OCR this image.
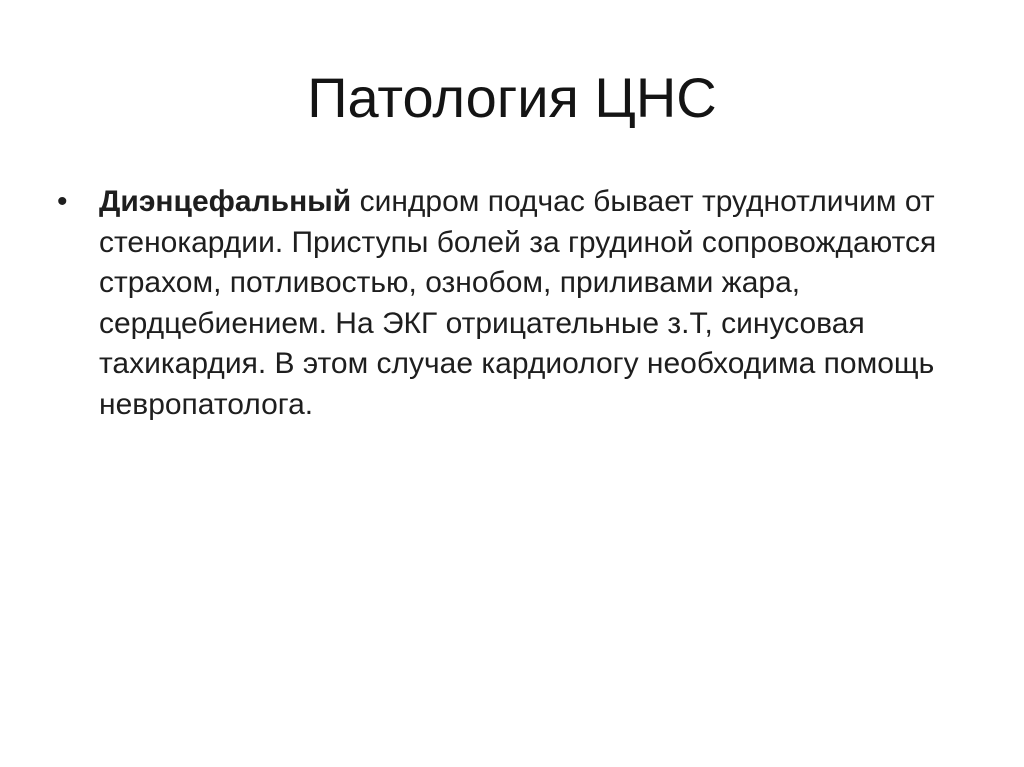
Патология ЦНС
•	Диэнцефальный синдром подчас бывает труднотличим от стенокардии. Приступы болей за грудиной сопровождаются страхом, потливостью, ознобом, приливами жара, сердцебиением. На ЭКГ отрицательные з.Т, синусовая тахикардия. В этом случае кардиологу необходима помощь невропатолога.
